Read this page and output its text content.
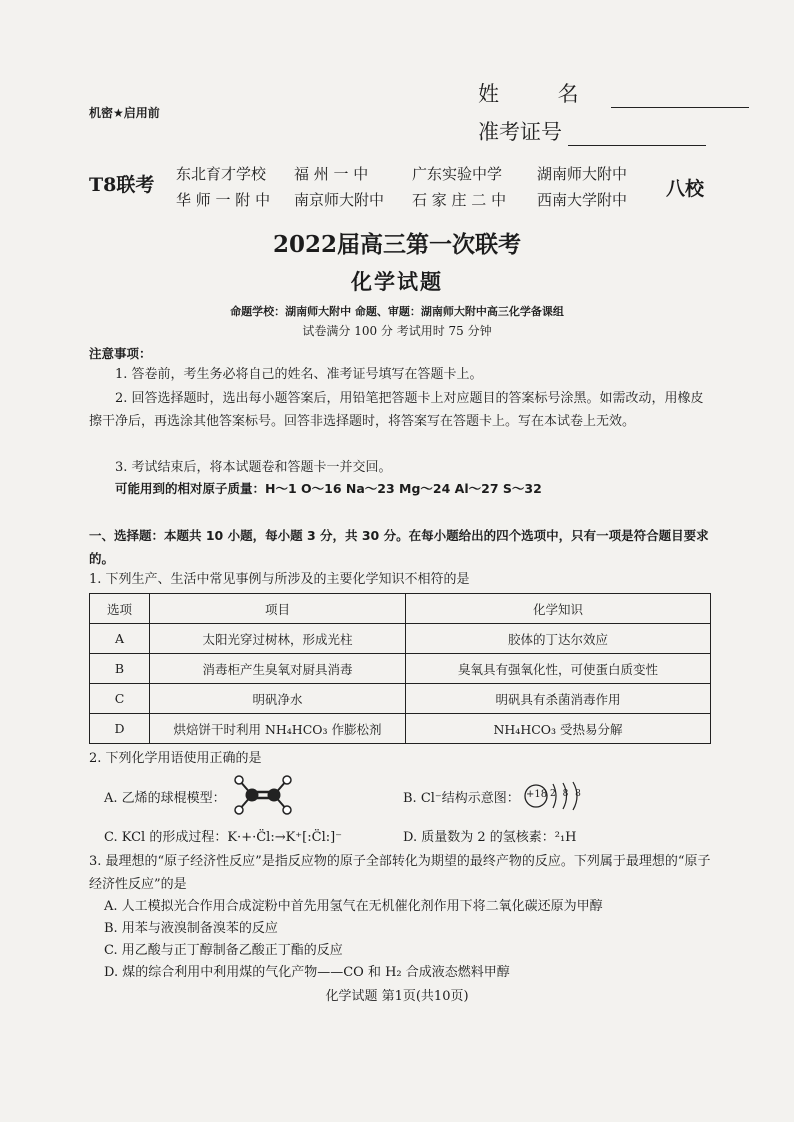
机密★启用前
姓 名
准考证号
T8联考 东北育才学校	福 州 一 中	广东实验中学	湖南师大附中
华 师 一 附 中	南京师大附中	石 家 庄 二 中	西南大学附中	八校
2022届高三第一次联考
化学试题
命题学校：湖南师大附中 命题、审题：湖南师大附中高三化学备课组
试卷满分 100 分 考试用时 75 分钟
注意事项：
1. 答卷前，考生务必将自己的姓名、准考证号填写在答题卡上。
2. 回答选择题时，选出每小题答案后，用铅笔把答题卡上对应题目的答案标号涂黑。如需改动，用橡皮擦干净后，再选涂其他答案标号。回答非选择题时，将答案写在答题卡上。写在本试卷上无效。
3. 考试结束后，将本试题卷和答题卡一并交回。
可能用到的相对原子质量：H～1 O～16 Na～23 Mg～24 Al～27 S～32
一、选择题：本题共 10 小题，每小题 3 分，共 30 分。在每小题给出的四个选项中，只有一项是符合题目要求的。
1. 下列生产、生活中常见事例与所涉及的主要化学知识不相符的是
选项	项目	化学知识
A	太阳光穿过树林，形成光柱	胶体的丁达尔效应
B	消毒柜产生臭氧对厨具消毒	臭氧具有强氧化性，可使蛋白质变性
C	明矾净水	明矾具有杀菌消毒作用
D	烘焙饼干时利用 NH₄HCO₃ 作膨松剂	NH₄HCO₃ 受热易分解
2. 下列化学用语使用正确的是
A. 乙烯的球棍模型：	B. Cl⁻结构示意图： +18 2 8 8
C. KCl 的形成过程：K·+·C̈l:→K⁺[:C̈l:]⁻	D. 质量数为 2 的氢核素：²₁H
3. 最理想的“原子经济性反应”是指反应物的原子全部转化为期望的最终产物的反应。下列属于最理想的“原子经济性反应”的是
A. 人工模拟光合作用合成淀粉中首先用氢气在无机催化剂作用下将二氧化碳还原为甲醇
B. 用苯与液溴制备溴苯的反应
C. 用乙酸与正丁醇制备乙酸正丁酯的反应
D. 煤的综合利用中利用煤的气化产物——CO 和 H₂ 合成液态燃料甲醇
化学试题 第1页(共10页)
